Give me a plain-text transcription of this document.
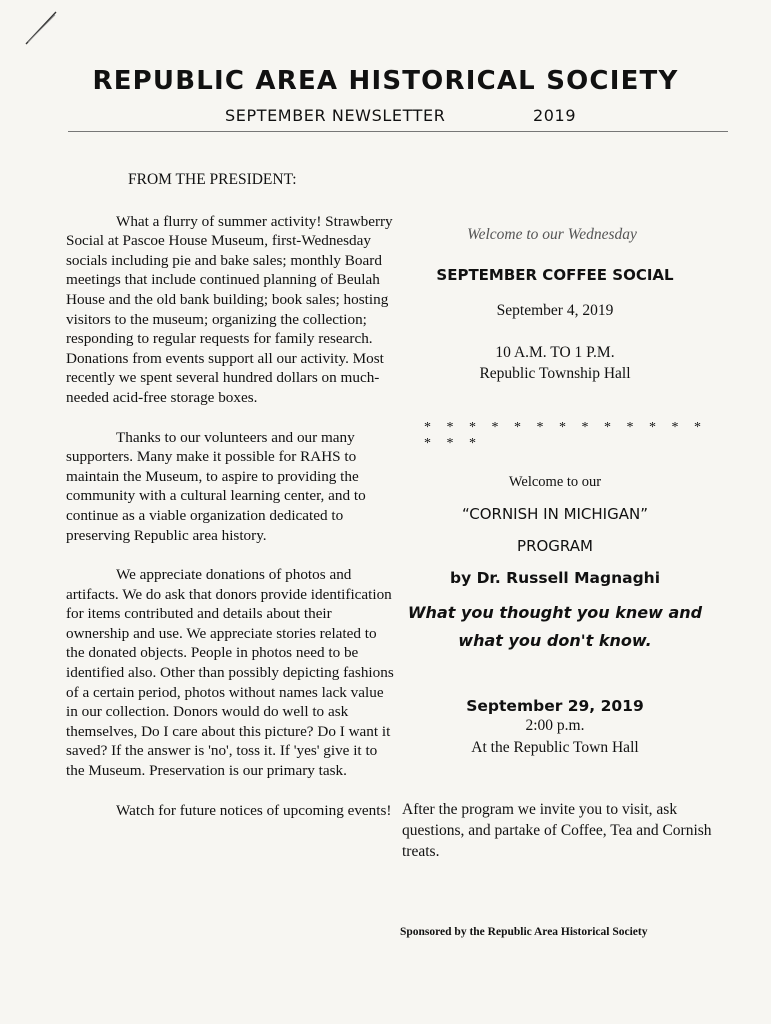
REPUBLIC AREA HISTORICAL SOCIETY
SEPTEMBER NEWSLETTER	2019
FROM THE PRESIDENT:

What a flurry of summer activity! Strawberry Social at Pascoe House Museum, first-Wednesday socials including pie and bake sales; monthly Board meetings that include continued planning of Beulah House and the old bank building; book sales; hosting visitors to the museum; organizing the collection; responding to regular requests for family research. Donations from events support all our activity. Most recently we spent several hundred dollars on much-needed acid-free storage boxes.

Thanks to our volunteers and our many supporters. Many make it possible for RAHS to maintain the Museum, to aspire to providing the community with a cultural learning center, and to continue as a viable organization dedicated to preserving Republic area history.

We appreciate donations of photos and artifacts. We do ask that donors provide identification for items contributed and details about their ownership and use. We appreciate stories related to the donated objects. People in photos need to be identified also. Other than possibly depicting fashions of a certain period, photos without names lack value in our collection. Donors would do well to ask themselves, Do I care about this picture? Do I want it saved? If the answer is 'no', toss it. If 'yes' give it to the Museum. Preservation is our primary task.

Watch for future notices of upcoming events!

Welcome to our Wednesday
SEPTEMBER COFFEE SOCIAL
September 4, 2019
10 A.M. TO 1 P.M.
Republic Township Hall
* * * * * * * * * * * * * * * *
Welcome to our
“CORNISH IN MICHIGAN”
PROGRAM
by Dr. Russell Magnaghi
What you thought you knew and
what you don't know.
September 29, 2019
2:00 p.m.
At the Republic Town Hall
After the program we invite you to visit, ask questions, and partake of Coffee, Tea and Cornish treats.
Sponsored by the Republic Area Historical Society
